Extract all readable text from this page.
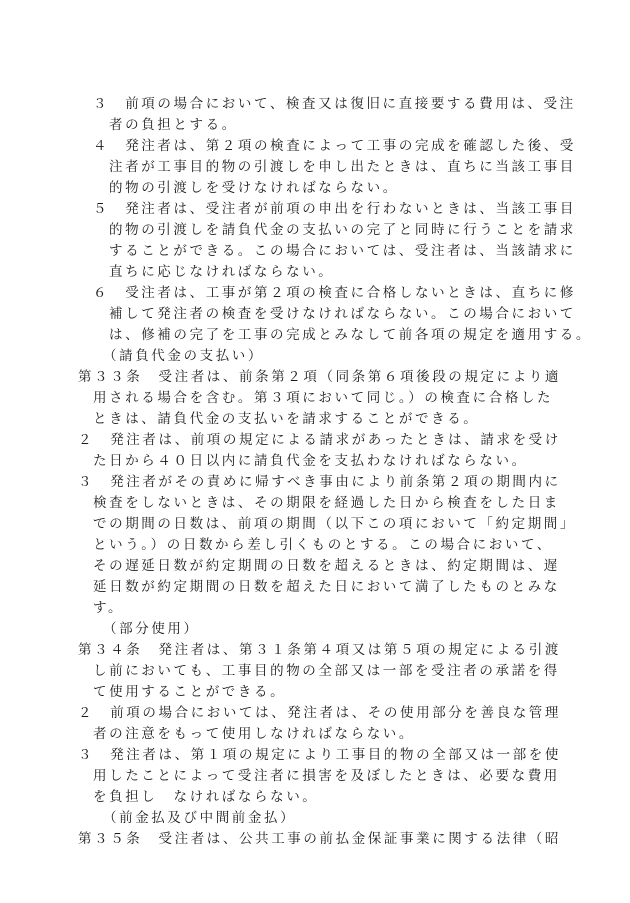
３　前項の場合において、検査又は復旧に直接要する費用は、受注
者の負担とする。
４　発注者は、第２項の検査によって工事の完成を確認した後、受
注者が工事目的物の引渡しを申し出たときは、直ちに当該工事目
的物の引渡しを受けなければならない。
５　発注者は、受注者が前項の申出を行わないときは、当該工事目
的物の引渡しを請負代金の支払いの完了と同時に行うことを請求
することができる。この場合においては、受注者は、当該請求に
直ちに応じなければならない。
６　受注者は、工事が第２項の検査に合格しないときは、直ちに修
補して発注者の検査を受けなければならない。この場合において
は、修補の完了を工事の完成とみなして前各項の規定を適用する。
（請負代金の支払い）
第３３条　受注者は、前条第２項（同条第６項後段の規定により適
用される場合を含む。第３項において同じ。）の検査に合格した
ときは、請負代金の支払いを請求することができる。
２　発注者は、前項の規定による請求があったときは、請求を受け
た日から４０日以内に請負代金を支払わなければならない。
３　発注者がその責めに帰すべき事由により前条第２項の期間内に
検査をしないときは、その期限を経過した日から検査をした日ま
での期間の日数は、前項の期間（以下この項において「約定期間」
という。）の日数から差し引くものとする。この場合において、
その遅延日数が約定期間の日数を超えるときは、約定期間は、遅
延日数が約定期間の日数を超えた日において満了したものとみな
す。
（部分使用）
第３４条　発注者は、第３１条第４項又は第５項の規定による引渡
し前においても、工事目的物の全部又は一部を受注者の承諾を得
て使用することができる。
２　前項の場合においては、発注者は、その使用部分を善良な管理
者の注意をもって使用しなければならない。
３　発注者は、第１項の規定により工事目的物の全部又は一部を使
用したことによって受注者に損害を及ぼしたときは、必要な費用
を負担し　なければならない。
（前金払及び中間前金払）
第３５条　受注者は、公共工事の前払金保証事業に関する法律（昭
